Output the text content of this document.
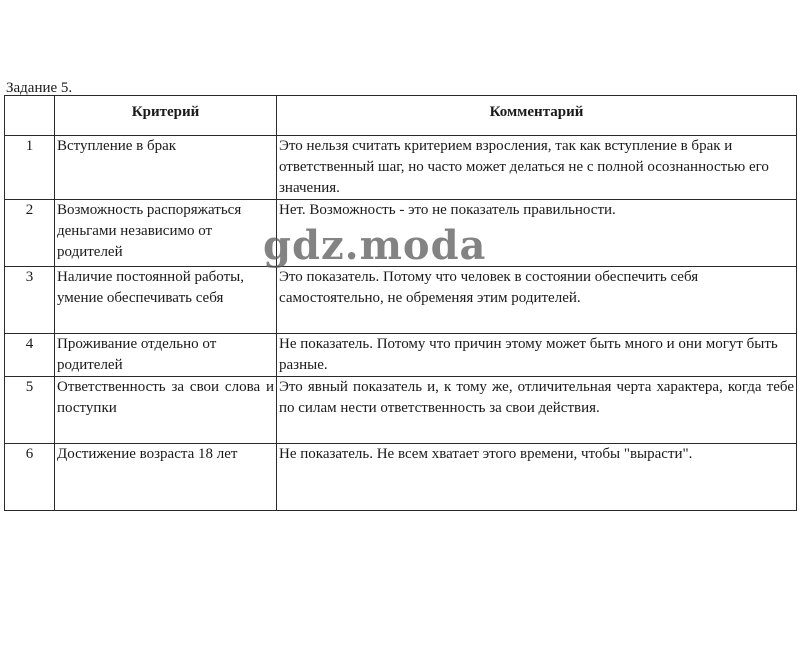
Задание 5.
	Критерий	Комментарий
1	Вступление в брак	Это нельзя считать критерием взросления, так как вступление в брак и ответственный шаг, но часто может делаться не с полной осознанностью его значения.
2	Возможность распоряжаться деньгами независимо от родителей	Нет. Возможность - это не показатель правильности.
3	Наличие постоянной работы, умение обеспечивать себя	Это показатель. Потому что человек в состоянии обеспечить себя самостоятельно, не обременяя этим родителей.
4	Проживание отдельно от родителей	Не показатель. Потому что причин этому может быть много и они могут быть разные.
5	Ответственность за свои слова и поступки	Это явный показатель и, к тому же, отличительная черта характера, когда тебе по силам нести ответственность за свои действия.
6	Достижение возраста 18 лет	Не показатель. Не всем хватает этого времени, чтобы "вырасти".
gdz.moda
